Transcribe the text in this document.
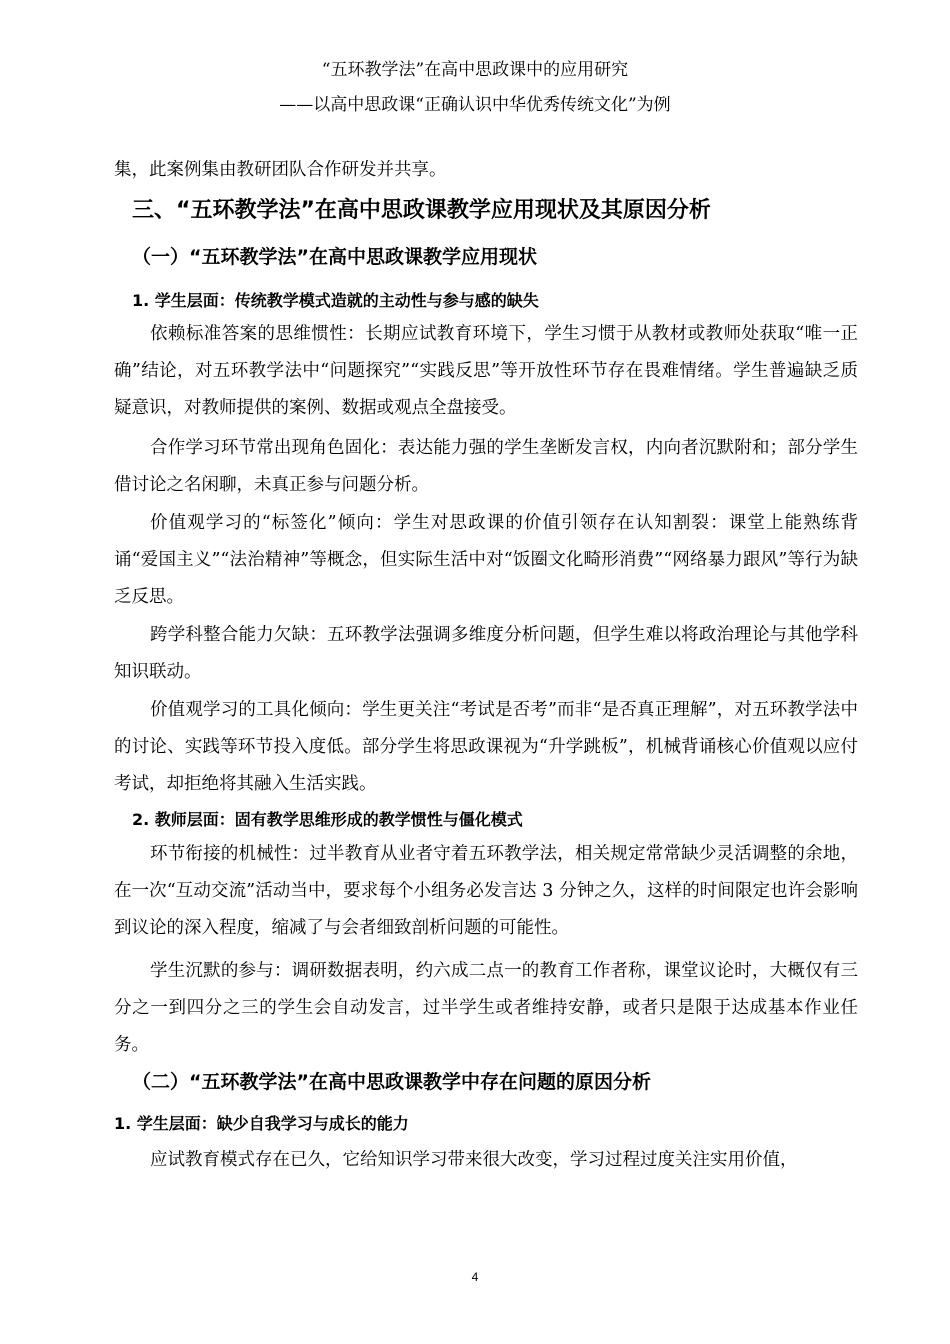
“五环教学法”在高中思政课中的应用研究
——以高中思政课“正确认识中华优秀传统文化”为例

集，此案例集由教研团队合作研发并共享。

三、“五环教学法”在高中思政课教学应用现状及其原因分析
（一）“五环教学法”在高中思政课教学应用现状
1. 学生层面：传统教学模式造就的主动性与参与感的缺失

依赖标准答案的思维惯性：长期应试教育环境下，学生习惯于从教材或教师处获取“唯一正确”结论，对五环教学法中“问题探究”“实践反思”等开放性环节存在畏难情绪。学生普遍缺乏质疑意识，对教师提供的案例、数据或观点全盘接受。

合作学习环节常出现角色固化：表达能力强的学生垄断发言权，内向者沉默附和；部分学生借讨论之名闲聊，未真正参与问题分析。

价值观学习的“标签化”倾向：学生对思政课的价值引领存在认知割裂：课堂上能熟练背诵“爱国主义”“法治精神”等概念，但实际生活中对“饭圈文化畸形消费”“网络暴力跟风”等行为缺乏反思。

跨学科整合能力欠缺：五环教学法强调多维度分析问题，但学生难以将政治理论与其他学科知识联动。

价值观学习的工具化倾向：学生更关注“考试是否考”而非“是否真正理解”，对五环教学法中的讨论、实践等环节投入度低。部分学生将思政课视为“升学跳板”，机械背诵核心价值观以应付考试，却拒绝将其融入生活实践。

2. 教师层面：固有教学思维形成的教学惯性与僵化模式

环节衔接的机械性：过半教育从业者守着五环教学法，相关规定常常缺少灵活调整的余地，在一次“互动交流”活动当中，要求每个小组务必发言达 3 分钟之久，这样的时间限定也许会影响到议论的深入程度，缩减了与会者细致剖析问题的可能性。

学生沉默的参与：调研数据表明，约六成二点一的教育工作者称，课堂议论时，大概仅有三分之一到四分之三的学生会自动发言，过半学生或者维持安静，或者只是限于达成基本作业任务。

（二）“五环教学法”在高中思政课教学中存在问题的原因分析
1. 学生层面：缺少自我学习与成长的能力

应试教育模式存在已久，它给知识学习带来很大改变，学习过程过度关注实用价值，

4
